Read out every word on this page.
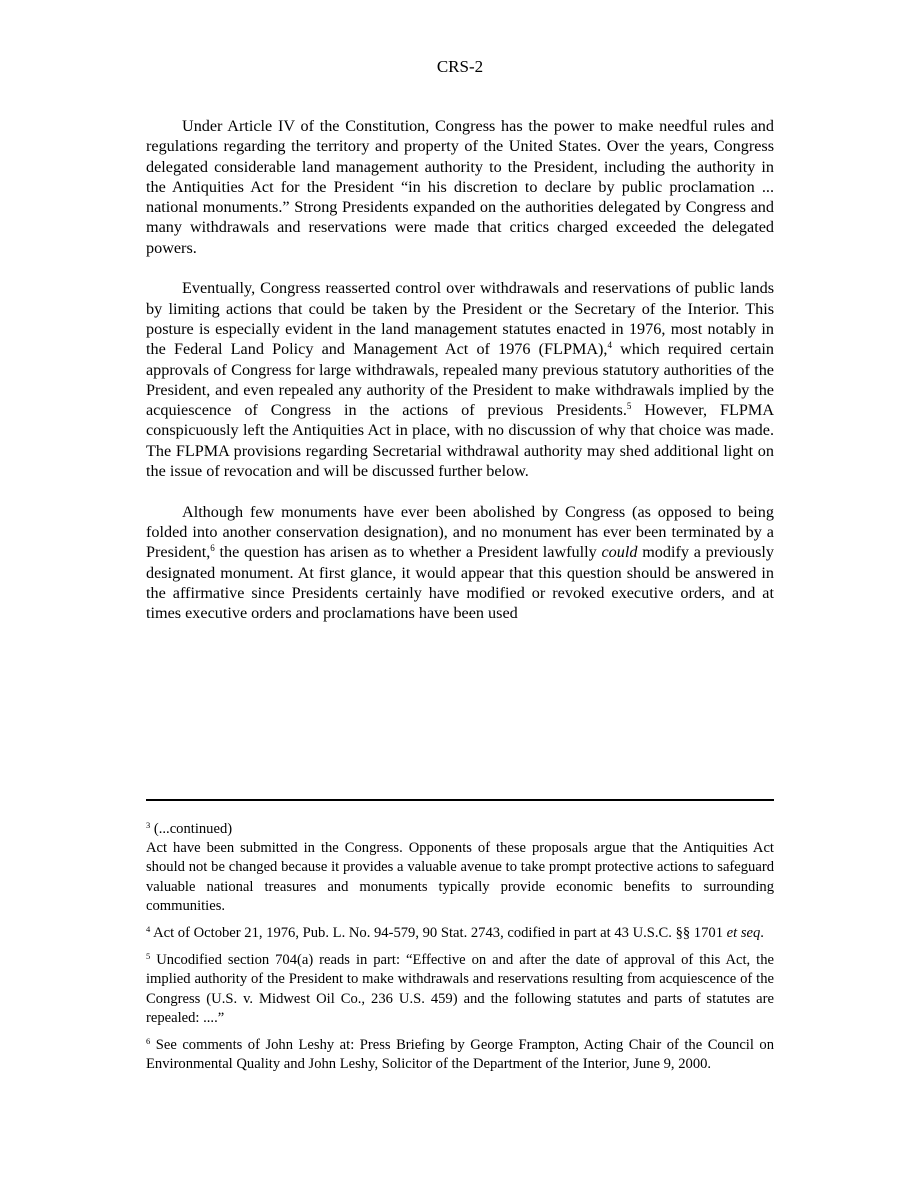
CRS-2

Under Article IV of the Constitution, Congress has the power to make needful rules and regulations regarding the territory and property of the United States. Over the years, Congress delegated considerable land management authority to the President, including the authority in the Antiquities Act for the President “in his discretion to declare by public proclamation ... national monuments.” Strong Presidents expanded on the authorities delegated by Congress and many withdrawals and reservations were made that critics charged exceeded the delegated powers.

Eventually, Congress reasserted control over withdrawals and reservations of public lands by limiting actions that could be taken by the President or the Secretary of the Interior. This posture is especially evident in the land management statutes enacted in 1976, most notably in the Federal Land Policy and Management Act of 1976 (FLPMA),$^4$ which required certain approvals of Congress for large withdrawals, repealed many previous statutory authorities of the President, and even repealed any authority of the President to make withdrawals implied by the acquiescence of Congress in the actions of previous Presidents.$^5$ However, FLPMA conspicuously left the Antiquities Act in place, with no discussion of why that choice was made. The FLPMA provisions regarding Secretarial withdrawal authority may shed additional light on the issue of revocation and will be discussed further below.

Although few monuments have ever been abolished by Congress (as opposed to being folded into another conservation designation), and no monument has ever been terminated by a President,$^6$ the question has arisen as to whether a President lawfully could modify a previously designated monument. At first glance, it would appear that this question should be answered in the affirmative since Presidents certainly have modified or revoked executive orders, and at times executive orders and proclamations have been used

$^3$ (...continued)
Act have been submitted in the Congress. Opponents of these proposals argue that the Antiquities Act should not be changed because it provides a valuable avenue to take prompt protective actions to safeguard valuable national treasures and monuments typically provide economic benefits to surrounding communities.
$^4$ Act of October 21, 1976, Pub. L. No. 94-579, 90 Stat. 2743, codified in part at 43 U.S.C. §§ 1701 et seq.
$^5$ Uncodified section 704(a) reads in part: “Effective on and after the date of approval of this Act, the implied authority of the President to make withdrawals and reservations resulting from acquiescence of the Congress (U.S. v. Midwest Oil Co., 236 U.S. 459) and the following statutes and parts of statutes are repealed: ....”
$^6$ See comments of John Leshy at: Press Briefing by George Frampton, Acting Chair of the Council on Environmental Quality and John Leshy, Solicitor of the Department of the Interior, June 9, 2000.
